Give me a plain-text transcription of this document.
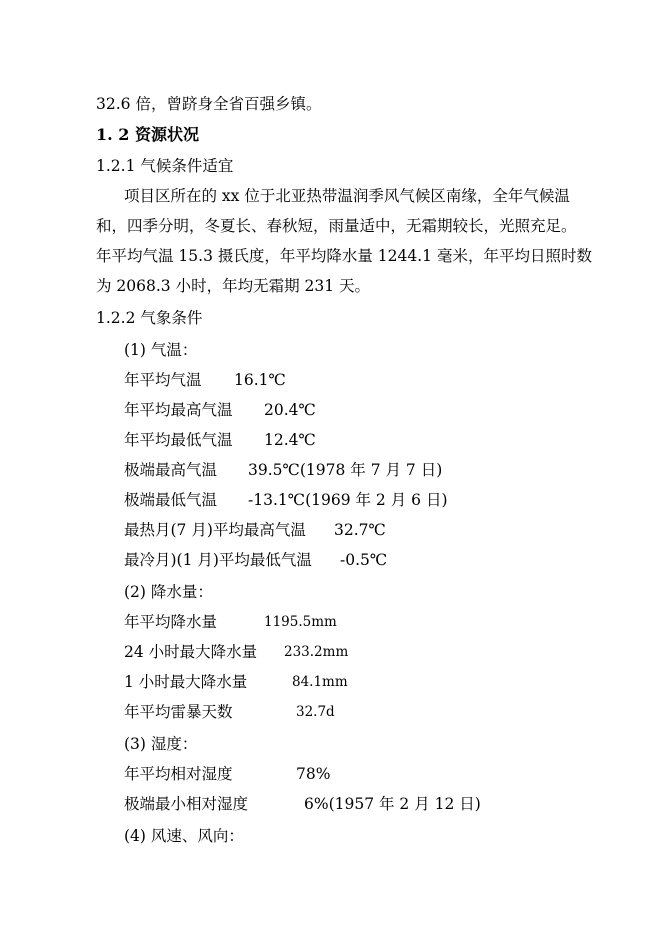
32.6 倍，曾跻身全省百强乡镇。
1. 2 资源状况
1.2.1 气候条件适宜
项目区所在的 xx 位于北亚热带温润季风气候区南缘，全年气候温
和，四季分明，冬夏长、春秋短，雨量适中，无霜期较长，光照充足。
年平均气温 15.3 摄氏度，年平均降水量 1244.1 毫米，年平均日照时数
为 2068.3 小时，年均无霜期 231 天。
1.2.2 气象条件
(1) 气温：
年平均气温 16.1℃
年平均最高气温 20.4℃
年平均最低气温 12.4℃
极端最高气温 39.5℃(1978 年 7 月 7 日)
极端最低气温 -13.1℃(1969 年 2 月 6 日)
最热月(7 月)平均最高气温 32.7℃
最冷月)(1 月)平均最低气温 -0.5℃
(2) 降水量：
年平均降水量	1195.5mm
24 小时最大降水量 233.2mm
1 小时最大降水量	84.1mm
年平均雷暴天数	32.7d
(3) 湿度：
年平均相对湿度	78%
极端最小相对湿度	6%(1957 年 2 月 12 日)
(4) 风速、风向：
